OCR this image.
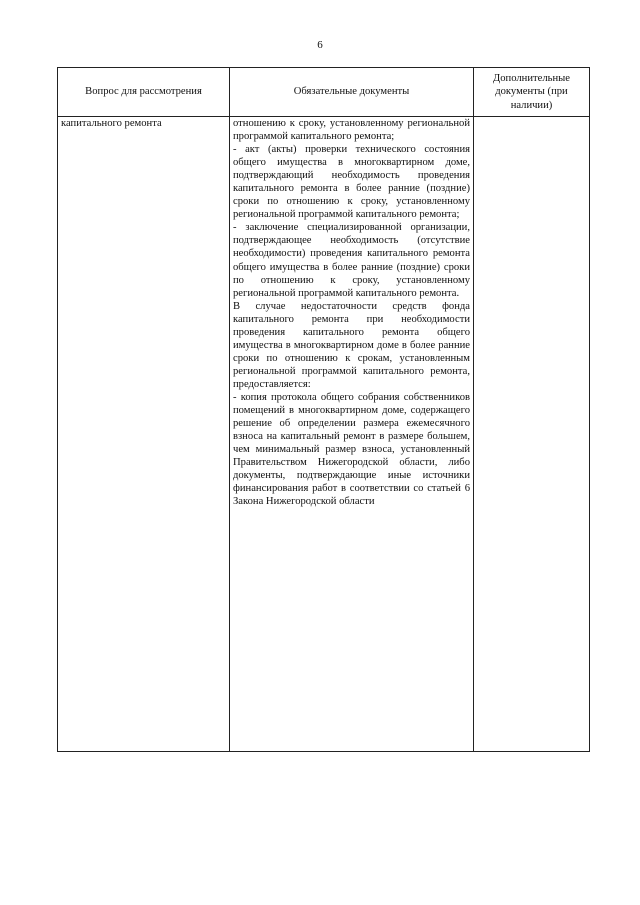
6
Вопрос для рассмотрения	Обязательные документы	Дополнительные документы (при наличии)
капитального ремонта	отношению к сроку, установленному региональной программой капитального ремонта;
- акт (акты) проверки технического состояния общего имущества в многоквартирном доме, подтверждающий необходимость проведения капитального ремонта в более ранние (поздние) сроки по отношению к сроку, установленному региональной программой капитального ремонта;
- заключение специализированной организации, подтверждающее необходимость (отсутствие необходимости) проведения капитального ремонта общего имущества в более ранние (поздние) сроки по отношению к сроку, установленному региональной программой капитального ремонта.
В случае недостаточности средств фонда капитального ремонта при необходимости проведения капитального ремонта общего имущества в многоквартирном доме в более ранние сроки по отношению к срокам, установленным региональной программой капитального ремонта, предоставляется:
- копия протокола общего собрания собственников помещений в многоквартирном доме, содержащего решение об определении размера ежемесячного взноса на капитальный ремонт в размере большем, чем минимальный размер взноса, установленный Правительством Нижегородской области, либо документы, подтверждающие иные источники финансирования работ в соответствии со статьей 6 Закона Нижегородской области	
